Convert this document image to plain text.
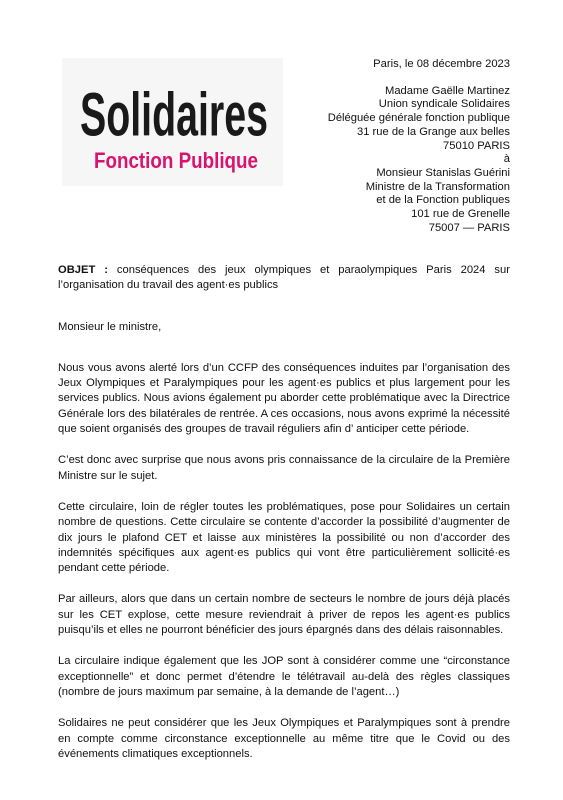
Solidaires
Fonction Publique
Paris, le 08 décembre 2023
Madame Gaëlle Martinez
Union syndicale Solidaires
Déléguée générale fonction publique
31 rue de la Grange aux belles
75010 PARIS
à
Monsieur Stanislas Guérini
Ministre de la Transformation
et de la Fonction publiques
101 rue de Grenelle
75007 — PARIS

OBJET : conséquences des jeux olympiques et paraolympiques Paris 2024 sur l’organisation du travail des agent·es publics

Monsieur le ministre,

Nous vous avons alerté lors d’un CCFP des conséquences induites par l’organisation des Jeux Olympiques et Paralympiques pour les agent·es publics et plus largement pour les services publics. Nous avions également pu aborder cette problématique avec la Directrice Générale lors des bilatérales de rentrée. A ces occasions, nous avons exprimé la nécessité que soient organisés des groupes de travail réguliers afin d’ anticiper cette période.

C’est donc avec surprise que nous avons pris connaissance de la circulaire de la Première Ministre sur le sujet.

Cette circulaire, loin de régler toutes les problématiques, pose pour Solidaires un certain nombre de questions. Cette circulaire se contente d’accorder la possibilité d’augmenter de dix jours le plafond CET et laisse aux ministères la possibilité ou non d’accorder des indemnités spécifiques aux agent·es publics qui vont être particulièrement sollicité·es pendant cette période.

Par ailleurs, alors que dans un certain nombre de secteurs le nombre de jours déjà placés sur les CET explose, cette mesure reviendrait à priver de repos les agent·es publics puisqu’ils et elles ne pourront bénéficier des jours épargnés dans des délais raisonnables.

La circulaire indique également que les JOP sont à considérer comme une “circonstance exceptionnelle” et donc permet d’étendre le télétravail au-delà des règles classiques (nombre de jours maximum par semaine, à la demande de l’agent…)

Solidaires ne peut considérer que les Jeux Olympiques et Paralympiques sont à prendre en compte comme circonstance exceptionnelle au même titre que le Covid ou des événements climatiques exceptionnels.
